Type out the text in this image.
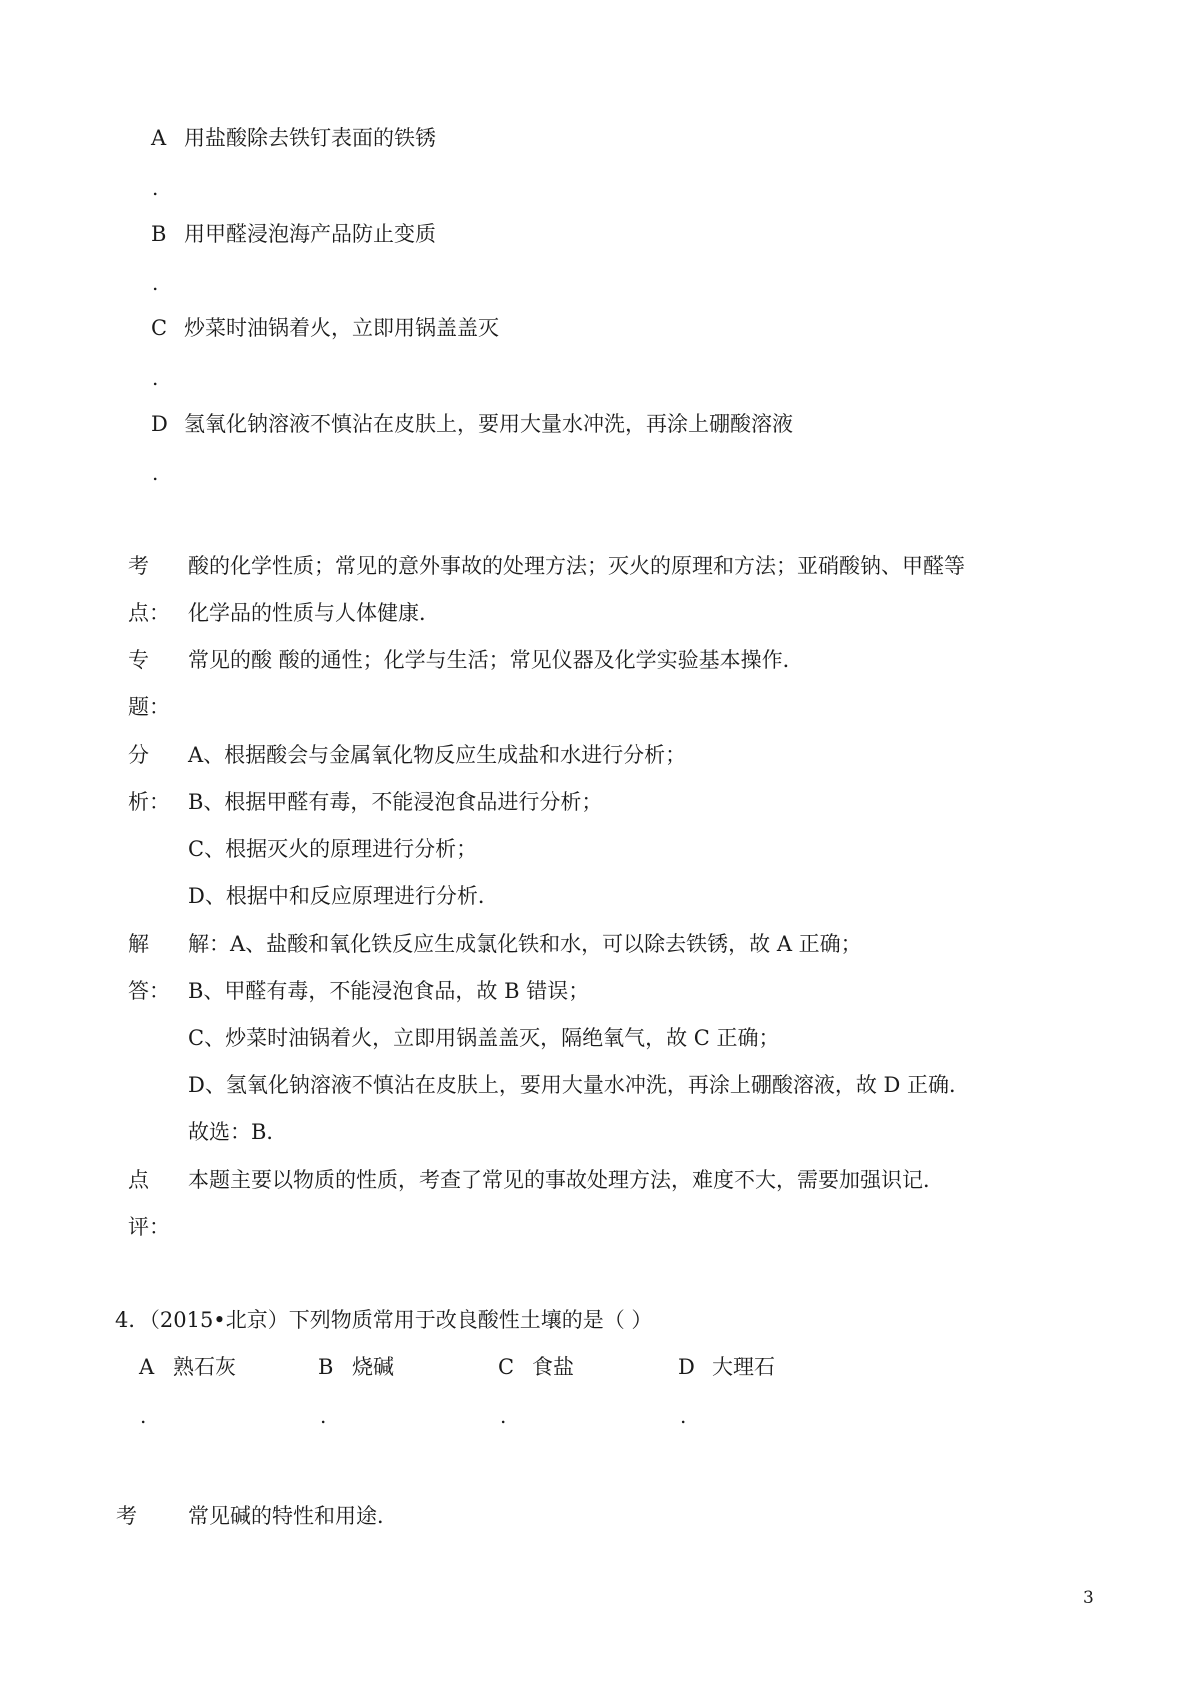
A 用盐酸除去铁钉表面的铁锈
.
B 用甲醛浸泡海产品防止变质
.
C 炒菜时油锅着火，立即用锅盖盖灭
.
D 氢氧化钠溶液不慎沾在皮肤上，要用大量水冲洗，再涂上硼酸溶液
.
考
点：
酸的化学性质；常见的意外事故的处理方法；灭火的原理和方法；亚硝酸钠、甲醛等
化学品的性质与人体健康．
专
题：
常见的酸 酸的通性；化学与生活；常见仪器及化学实验基本操作．
分
析：
A、根据酸会与金属氧化物反应生成盐和水进行分析；
B、根据甲醛有毒，不能浸泡食品进行分析；
C、根据灭火的原理进行分析；
D、根据中和反应原理进行分析．
解
答：
解：A、盐酸和氧化铁反应生成氯化铁和水，可以除去铁锈，故 A 正确；
B、甲醛有毒，不能浸泡食品，故 B 错误；
C、炒菜时油锅着火，立即用锅盖盖灭，隔绝氧气，故 C 正确；
D、氢氧化钠溶液不慎沾在皮肤上，要用大量水冲洗，再涂上硼酸溶液，故 D 正确．
故选：B．
点
评：
本题主要以物质的性质，考查了常见的事故处理方法，难度不大，需要加强识记．
4．（2015•北京）下列物质常用于改良酸性土壤的是（ ）
A 熟石灰
.
B 烧碱
.
C 食盐
.
D 大理石
.
考 常见碱的特性和用途．
3
